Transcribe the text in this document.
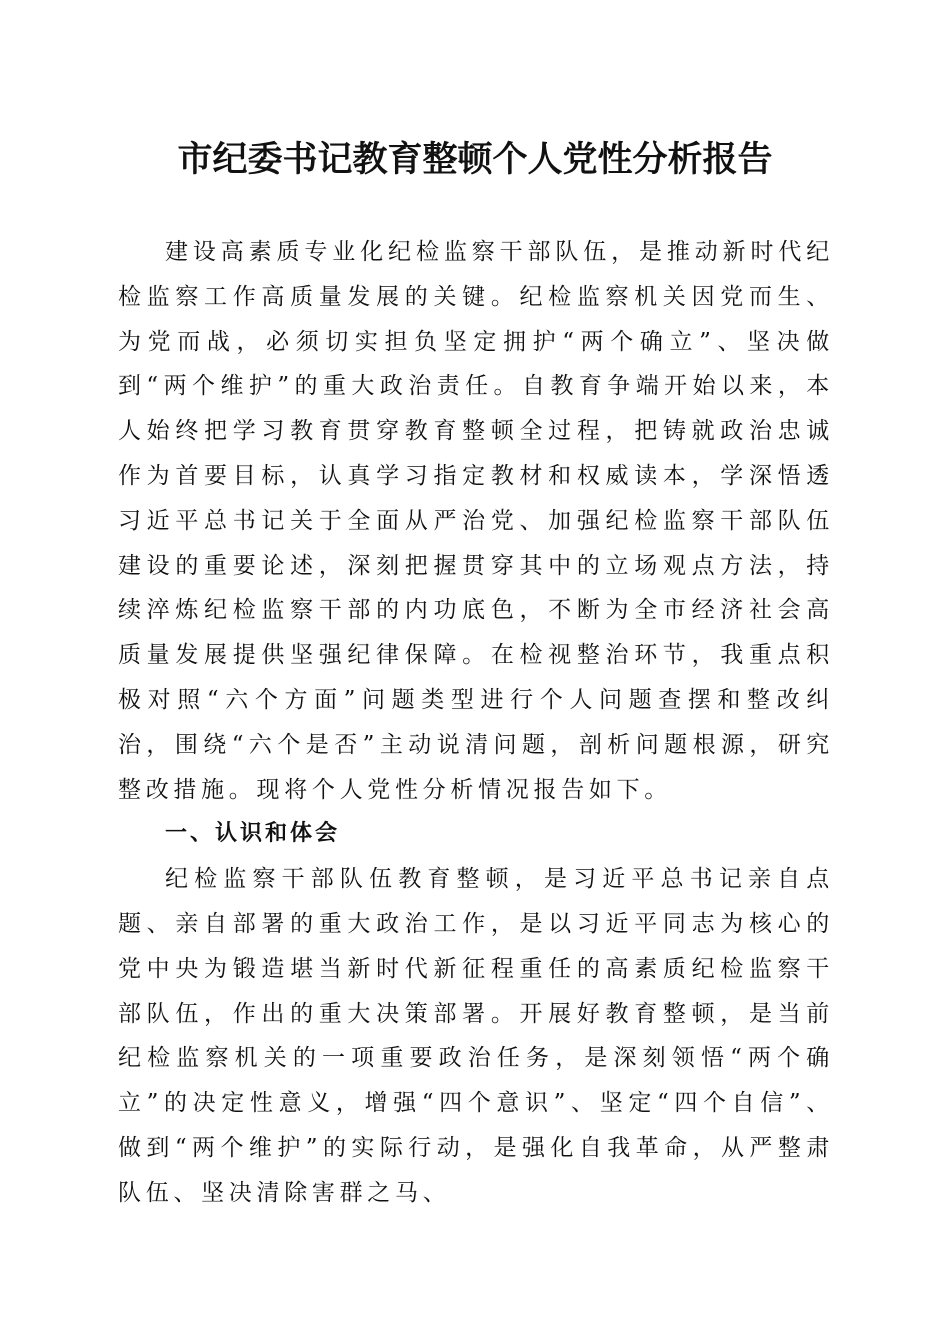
市纪委书记教育整顿个人党性分析报告

建设高素质专业化纪检监察干部队伍，是推动新时代纪检监察工作高质量发展的关键。纪检监察机关因党而生、为党而战，必须切实担负坚定拥护“两个确立”、坚决做到“两个维护”的重大政治责任。自教育争端开始以来，本人始终把学习教育贯穿教育整顿全过程，把铸就政治忠诚作为首要目标，认真学习指定教材和权威读本，学深悟透习近平总书记关于全面从严治党、加强纪检监察干部队伍建设的重要论述，深刻把握贯穿其中的立场观点方法，持续淬炼纪检监察干部的内功底色，不断为全市经济社会高质量发展提供坚强纪律保障。在检视整治环节，我重点积极对照“六个方面”问题类型进行个人问题查摆和整改纠治，围绕“六个是否”主动说清问题，剖析问题根源，研究整改措施。现将个人党性分析情况报告如下。

一、认识和体会

纪检监察干部队伍教育整顿，是习近平总书记亲自点题、亲自部署的重大政治工作，是以习近平同志为核心的党中央为锻造堪当新时代新征程重任的高素质纪检监察干部队伍，作出的重大决策部署。开展好教育整顿，是当前纪检监察机关的一项重要政治任务，是深刻领悟“两个确立”的决定性意义，增强“四个意识”、坚定“四个自信”、做到“两个维护”的实际行动，是强化自我革命，从严整肃队伍、坚决清除害群之马、
